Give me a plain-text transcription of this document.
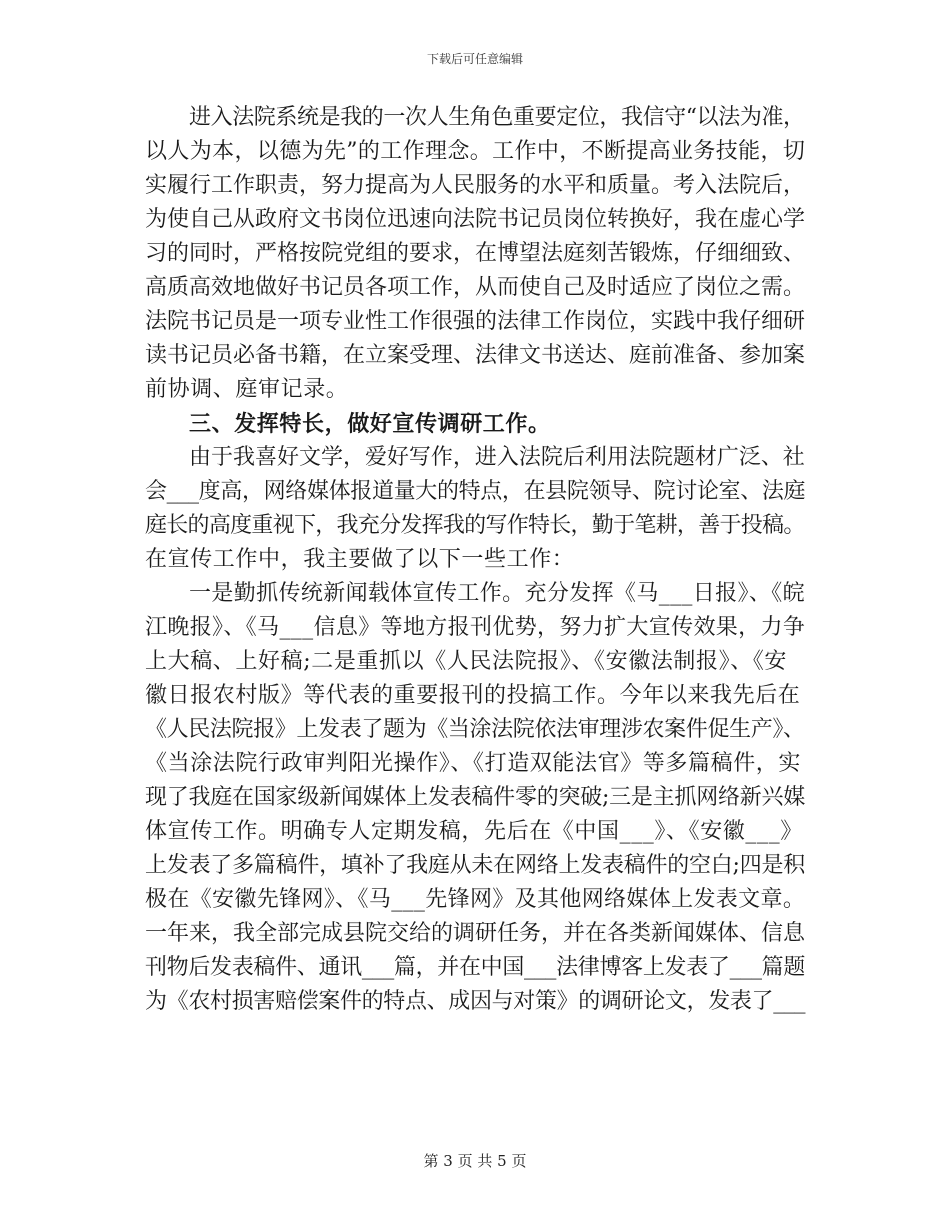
下载后可任意编辑
进入法院系统是我的一次人生角色重要定位，我信守“以法为准，
以人为本，以德为先”的工作理念。工作中，不断提高业务技能，切
实履行工作职责，努力提高为人民服务的水平和质量。考入法院后，
为使自己从政府文书岗位迅速向法院书记员岗位转换好，我在虚心学
习的同时，严格按院党组的要求，在博望法庭刻苦锻炼，仔细细致、
高质高效地做好书记员各项工作，从而使自己及时适应了岗位之需。
法院书记员是一项专业性工作很强的法律工作岗位，实践中我仔细研
读书记员必备书籍，在立案受理、法律文书送达、庭前准备、参加案
前协调、庭审记录。
三、发挥特长，做好宣传调研工作。
由于我喜好文学，爱好写作，进入法院后利用法院题材广泛、社
会___度高，网络媒体报道量大的特点，在县院领导、院讨论室、法庭
庭长的高度重视下，我充分发挥我的写作特长，勤于笔耕，善于投稿。
在宣传工作中，我主要做了以下一些工作：
一是勤抓传统新闻载体宣传工作。充分发挥《马___日报》、《皖
江晚报》、《马___信息》等地方报刊优势，努力扩大宣传效果，力争
上大稿、上好稿;二是重抓以《人民法院报》、《安徽法制报》、《安
徽日报农村版》等代表的重要报刊的投搞工作。今年以来我先后在
《人民法院报》上发表了题为《当涂法院依法审理涉农案件促生产》、
《当涂法院行政审判阳光操作》、《打造双能法官》等多篇稿件，实
现了我庭在国家级新闻媒体上发表稿件零的突破;三是主抓网络新兴媒
体宣传工作。明确专人定期发稿，先后在《中国___》、《安徽___》
上发表了多篇稿件，填补了我庭从未在网络上发表稿件的空白;四是积
极在《安徽先锋网》、《马___先锋网》及其他网络媒体上发表文章。
一年来，我全部完成县院交给的调研任务，并在各类新闻媒体、信息
刊物后发表稿件、通讯___篇，并在中国___法律博客上发表了___篇题
为《农村损害赔偿案件的特点、成因与对策》的调研论文，发表了___
第 3 页 共 5 页
